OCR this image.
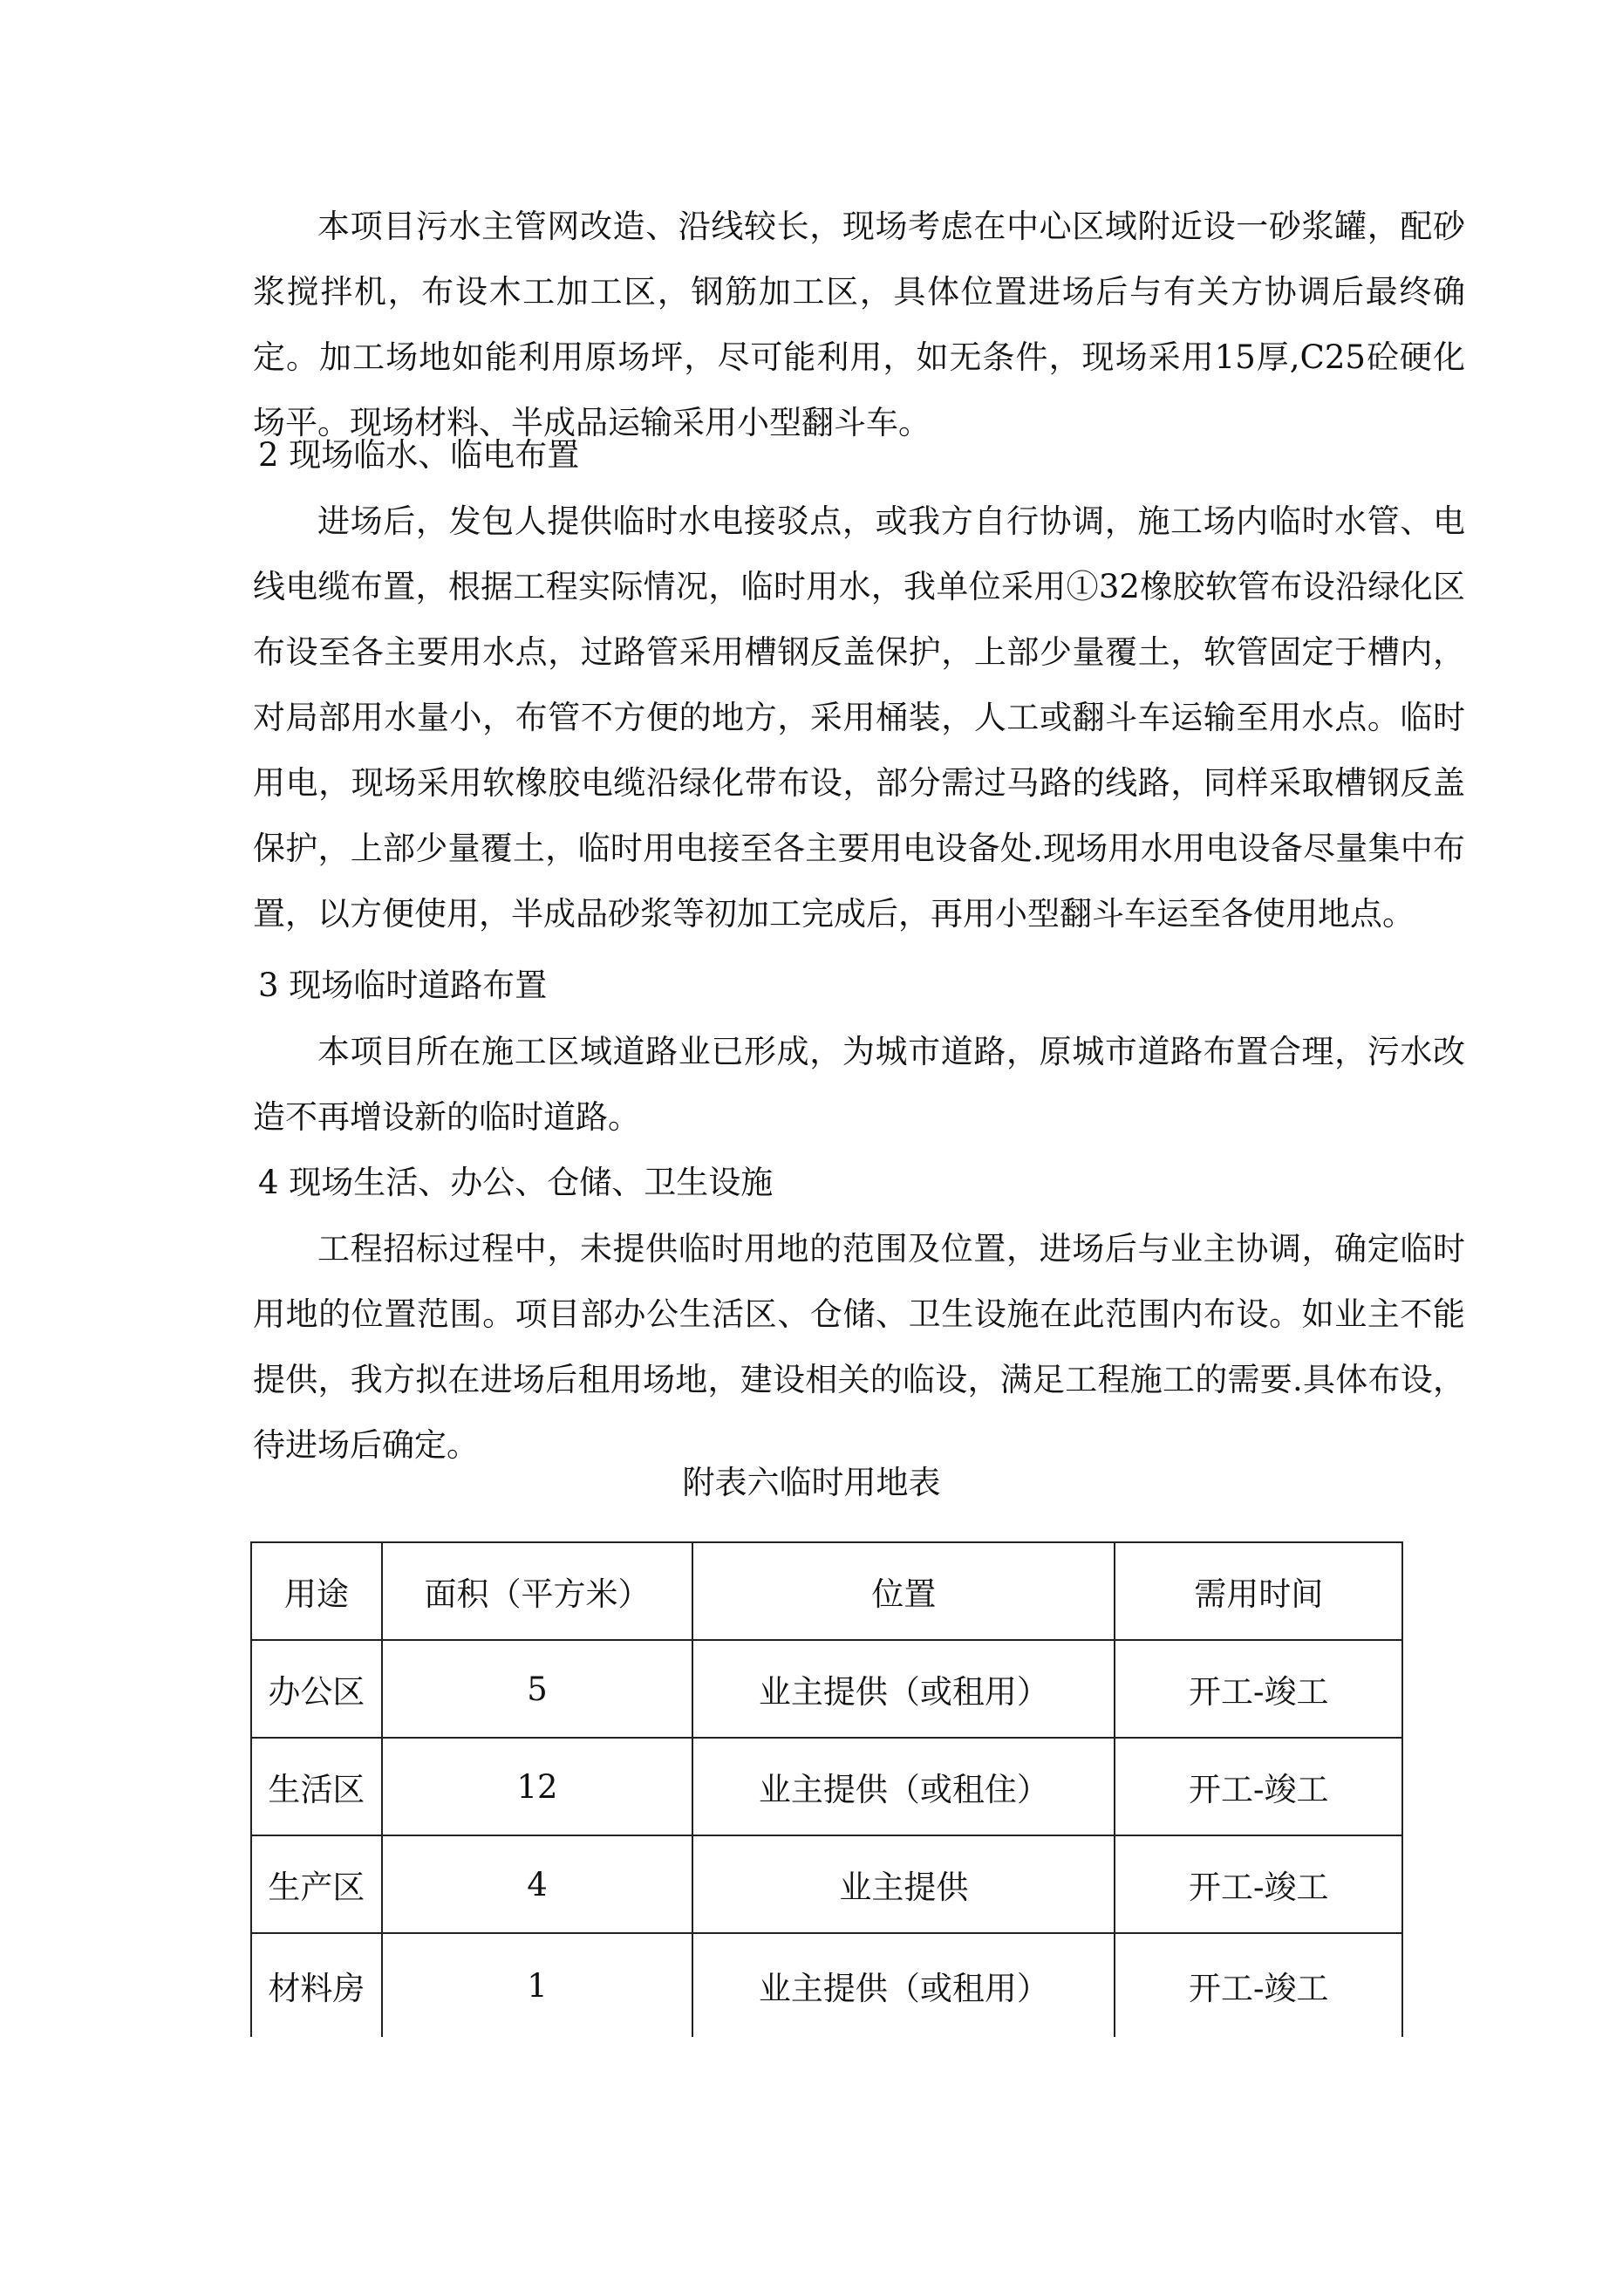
本项目污水主管网改造、沿线较长，现场考虑在中心区域附近设一砂浆罐，配砂浆搅拌机，布设木工加工区，钢筋加工区，具体位置进场后与有关方协调后最终确定。加工场地如能利用原场坪，尽可能利用，如无条件，现场采用15厚,C25砼硬化场平。现场材料、半成品运输采用小型翻斗车。

2 现场临水、临电布置

进场后，发包人提供临时水电接驳点，或我方自行协调，施工场内临时水管、电线电缆布置，根据工程实际情况，临时用水，我单位采用①32橡胶软管布设沿绿化区布设至各主要用水点，过路管采用槽钢反盖保护，上部少量覆土，软管固定于槽内，对局部用水量小，布管不方便的地方，采用桶装，人工或翻斗车运输至用水点。临时用电，现场采用软橡胶电缆沿绿化带布设，部分需过马路的线路，同样采取槽钢反盖保护，上部少量覆土，临时用电接至各主要用电设备处.现场用水用电设备尽量集中布置，以方便使用，半成品砂浆等初加工完成后，再用小型翻斗车运至各使用地点。

3 现场临时道路布置

本项目所在施工区域道路业已形成，为城市道路，原城市道路布置合理，污水改造不再增设新的临时道路。

4 现场生活、办公、仓储、卫生设施

工程招标过程中，未提供临时用地的范围及位置，进场后与业主协调，确定临时用地的位置范围。项目部办公生活区、仓储、卫生设施在此范围内布设。如业主不能提供，我方拟在进场后租用场地，建设相关的临设，满足工程施工的需要.具体布设，待进场后确定。

附表六临时用地表

用途	面积（平方米）	位置	需用时间
办公区	5	业主提供（或租用）	开工-竣工
生活区	12	业主提供（或租住）	开工-竣工
生产区	4	业主提供	开工-竣工
材料房	1	业主提供（或租用）	开工-竣工
